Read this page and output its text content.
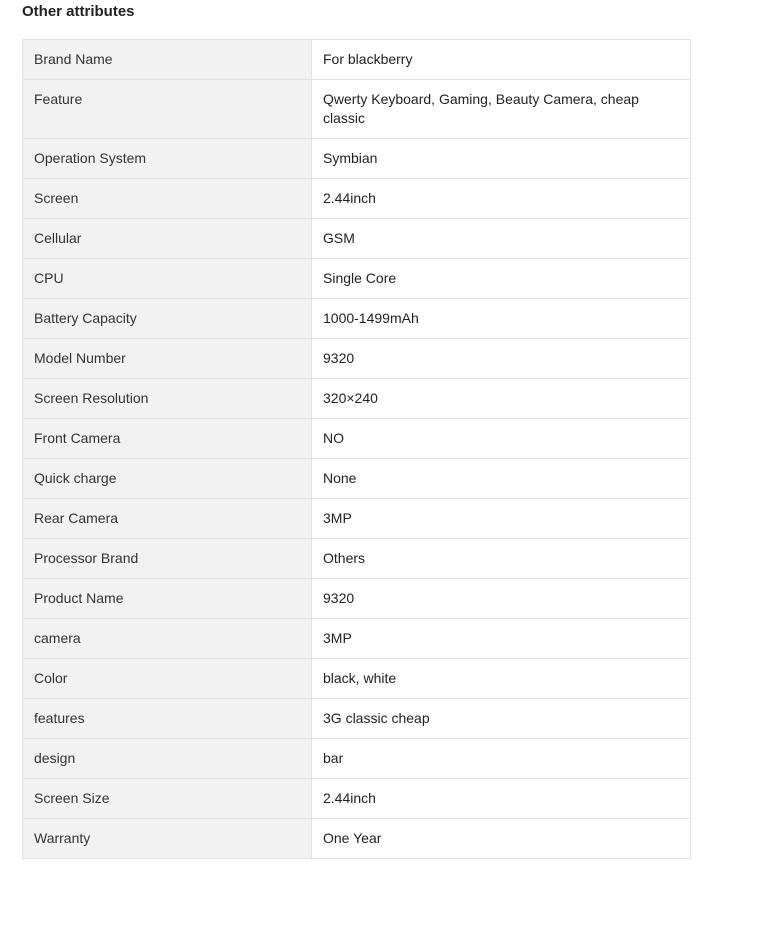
Other attributes
Brand Name	For blackberry
Feature	Qwerty Keyboard, Gaming, Beauty Camera, cheap classic
Operation System	Symbian
Screen	2.44inch
Cellular	GSM
CPU	Single Core
Battery Capacity	1000-1499mAh
Model Number	9320
Screen Resolution	320×240
Front Camera	NO
Quick charge	None
Rear Camera	3MP
Processor Brand	Others
Product Name	9320
camera	3MP
Color	black, white
features	3G classic cheap
design	bar
Screen Size	2.44inch
Warranty	One Year
